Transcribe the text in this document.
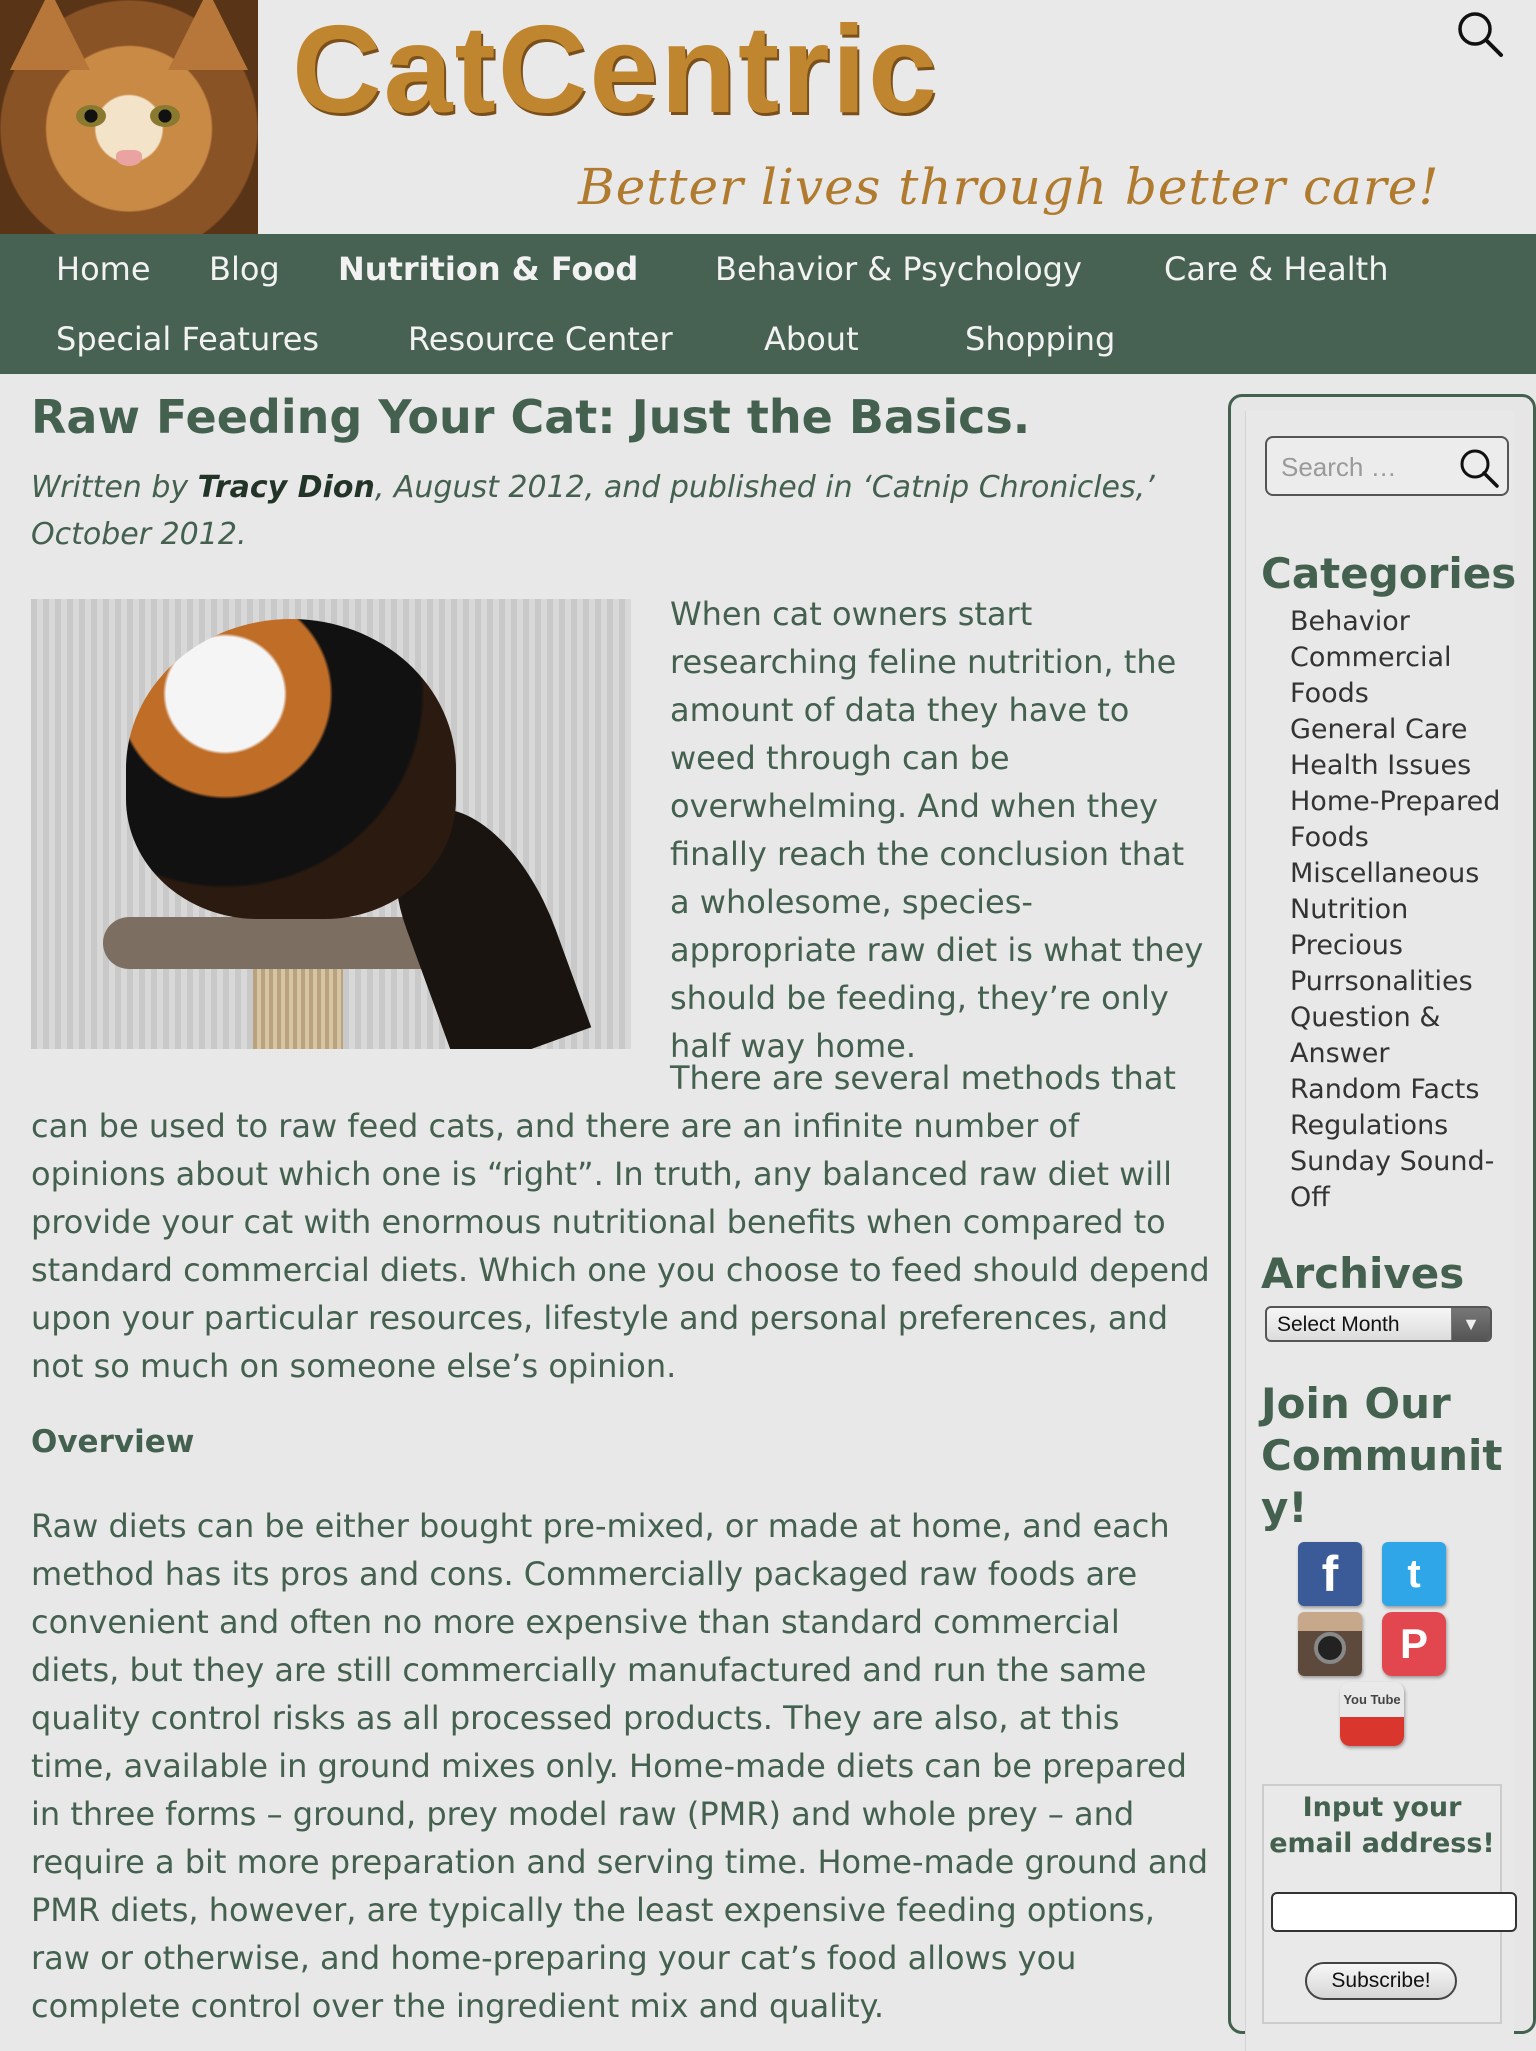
CatCentric
Better lives through better care!
Home Blog Nutrition & Food Behavior & Psychology	Care & Health
Special Features	Resource Center	About	Shopping
Raw Feeding Your Cat: Just the Basics.
Written by Tracy Dion, August 2012, and published in ‘Catnip Chronicles,’ October 2012.

When cat owners start researching feline nutrition, the amount of data they have to weed through can be overwhelming. And when they finally reach the conclusion that a wholesome, species-appropriate raw diet is what they should be feeding, they’re only half way home.

There are several methods that can be used to raw feed cats, and there are an infinite number of opinions about which one is “right”. In truth, any balanced raw diet will provide your cat with enormous nutritional benefits when compared to standard commercial diets. Which one you choose to feed should depend upon your particular resources, lifestyle and personal preferences, and not so much on someone else’s opinion.

Overview

Raw diets can be either bought pre-mixed, or made at home, and each method has its pros and cons. Commercially packaged raw foods are convenient and often no more expensive than standard commercial diets, but they are still commercially manufactured and run the same quality control risks as all processed products. They are also, at this time, available in ground mixes only. Home-made diets can be prepared in three forms – ground, prey model raw (PMR) and whole prey – and require a bit more preparation and serving time. Home-made ground and PMR diets, however, are typically the least expensive feeding options, raw or otherwise, and home-preparing your cat’s food allows you complete control over the ingredient mix and quality.

Search …
Categories
Behavior
Commercial Foods
General Care
Health Issues
Home-Prepared Foods
Miscellaneous
Nutrition
Precious Purrsonalities
Question & Answer
Random Facts
Regulations
Sunday Sound-Off
Archives
Select Month	▼
Join Our
Communit
y!
f	t
P
You Tube
Input your email address!
Subscribe!
